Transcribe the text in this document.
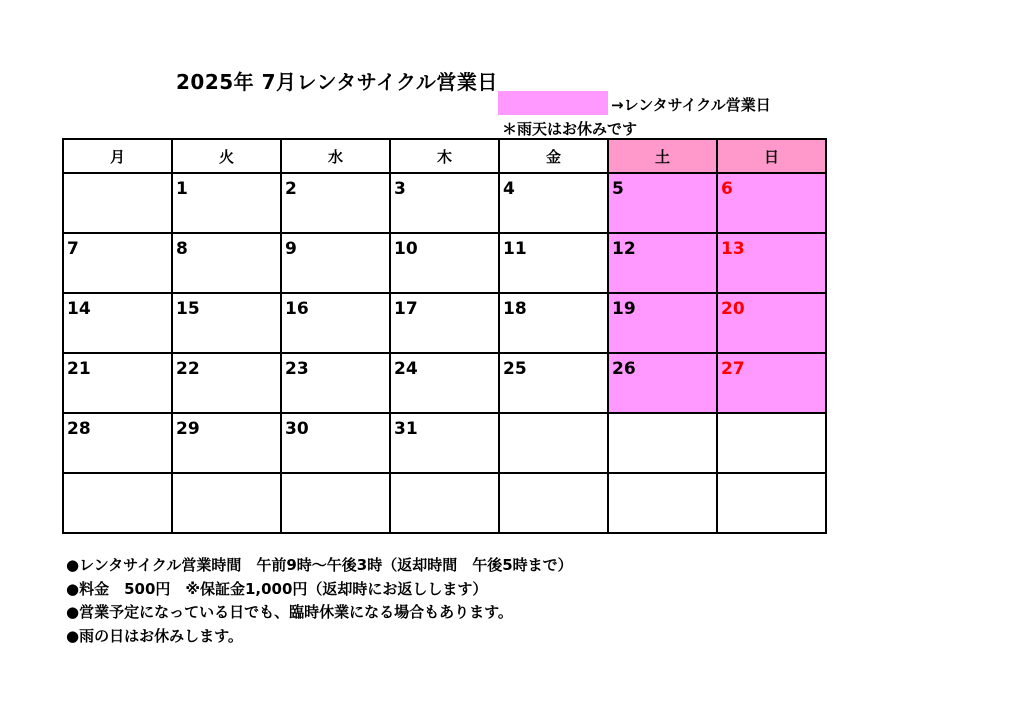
2025年 7月レンタサイクル営業日
→レンタサイクル営業日
＊雨天はお休みです
月	火	水	木	金	土	日

	1	2	3	4	5	6

7	8	9	10	11	12	13

14	15	16	17	18	19	20

21	22	23	24	25	26	27

28	29	30	31			

●レンタサイクル営業時間　午前9時～午後3時（返却時間　午後5時まで）
●料金　500円　※保証金1,000円（返却時にお返しします）
●営業予定になっている日でも、臨時休業になる場合もあります。
●雨の日はお休みします。
